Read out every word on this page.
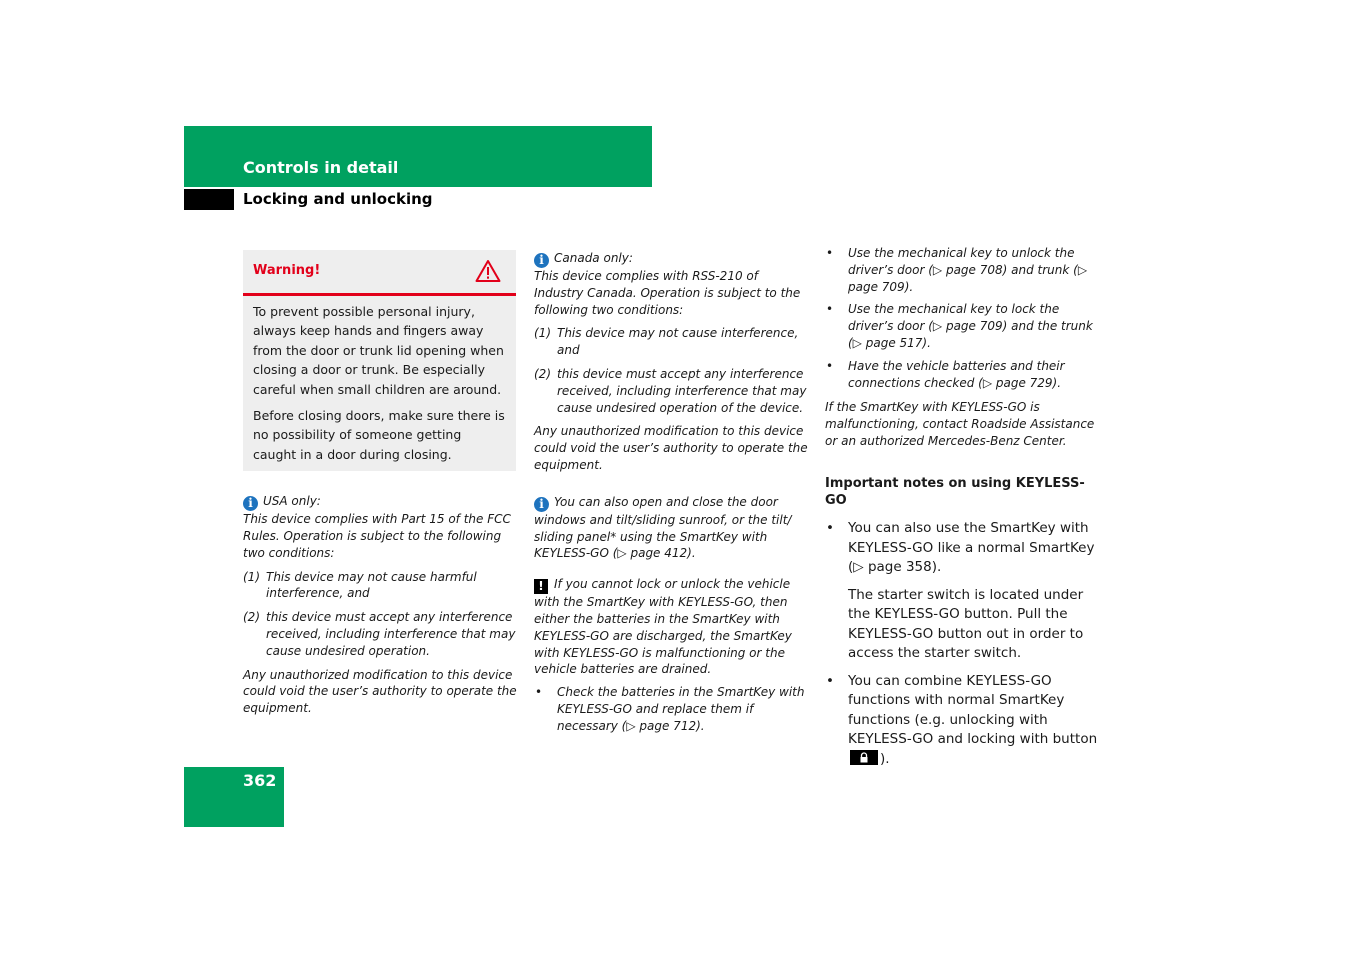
Controls in detail
Locking and unlocking
Warning!

To prevent possible personal injury, always keep hands and fingers away from the door or trunk lid opening when closing a door or trunk. Be especially careful when small children are around.

Before closing doors, make sure there is no possibility of someone getting caught in a door during closing.

i USA only:

This device complies with Part 15 of the FCC Rules. Operation is subject to the following two conditions:

(1) This device may not cause harmful interference, and
(2) this device must accept any interference received, including interference that may cause undesired operation.

Any unauthorized modification to this device could void the user’s authority to operate the equipment.

i Canada only:

This device complies with RSS-210 of Industry Canada. Operation is subject to the following two conditions:

(1) This device may not cause interference, and
(2) this device must accept any interference received, including interference that may cause undesired operation of the device.

Any unauthorized modification to this device could void the user’s authority to operate the equipment.

i You can also open and close the door windows and tilt/sliding sunroof, or the tilt/ sliding panel* using the SmartKey with KEYLESS-GO (▷ page 412).

! If you cannot lock or unlock the vehicle with the SmartKey with KEYLESS-GO, then either the batteries in the SmartKey with KEYLESS-GO are discharged, the SmartKey with KEYLESS-GO is malfunctioning or the vehicle batteries are drained.

• Check the batteries in the SmartKey with KEYLESS-GO and replace them if necessary (▷ page 712).
• Use the mechanical key to unlock the driver’s door (▷ page 708) and trunk (▷ page 709).
• Use the mechanical key to lock the driver’s door (▷ page 709) and the trunk (▷ page 517).
• Have the vehicle batteries and their connections checked (▷ page 729).

If the SmartKey with KEYLESS-GO is malfunctioning, contact Roadside Assistance or an authorized Mercedes-Benz Center.

Important notes on using KEYLESS-GO
• You can also use the SmartKey with KEYLESS-GO like a normal SmartKey (▷ page 358).

The starter switch is located under the KEYLESS-GO button. Pull the KEYLESS-GO button out in order to access the starter switch.

• You can combine KEYLESS-GO functions with normal SmartKey functions (e.g. unlocking with KEYLESS-GO and locking with button
).
362
